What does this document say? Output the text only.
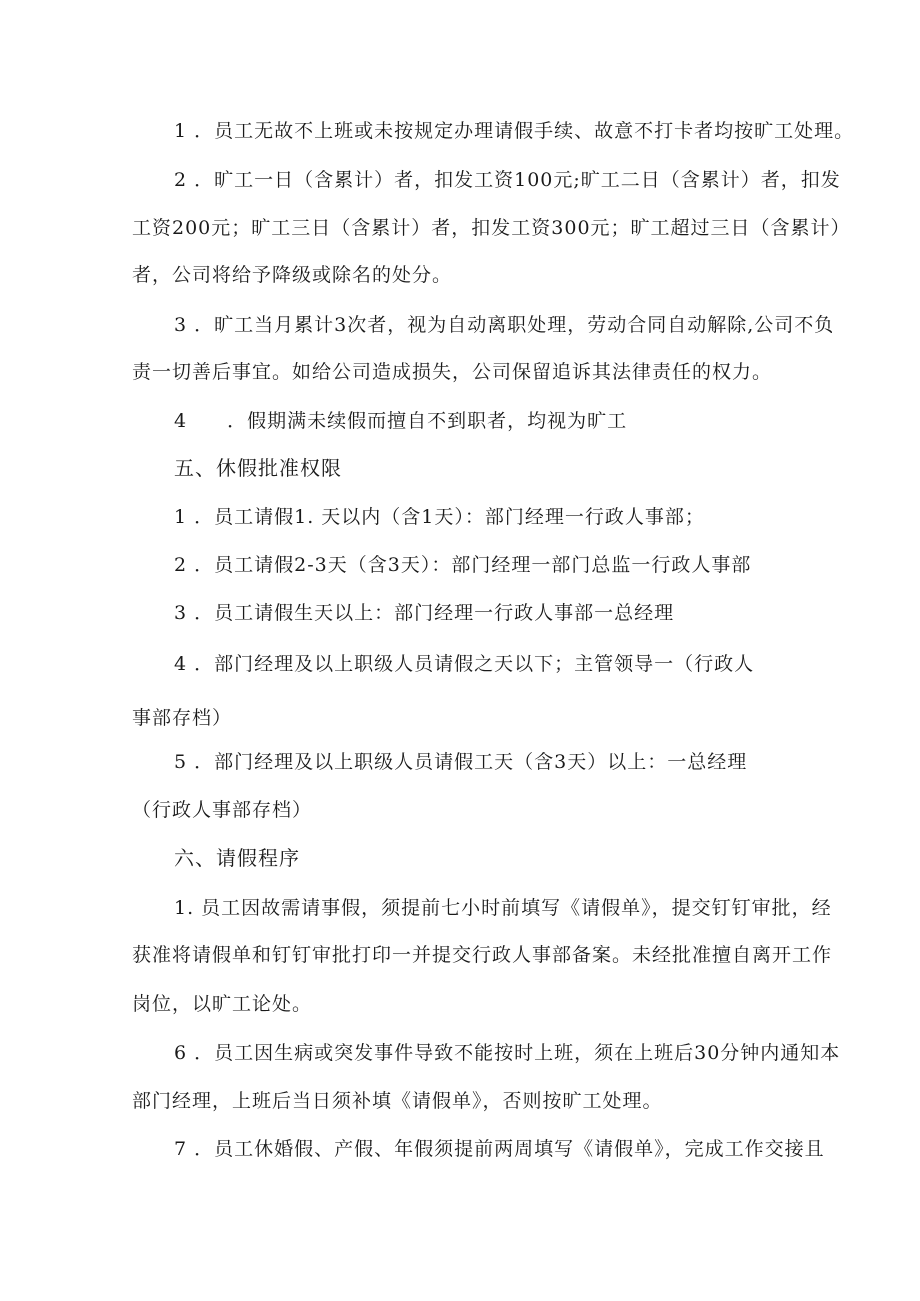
1 ．员工无故不上班或未按规定办理请假手续、故意不打卡者均按旷工处理。
2 ．旷工一日（含累计）者，扣发工资100元;旷工二日（含累计）者，扣发
工资200元；旷工三日（含累计）者，扣发工资300元；旷工超过三日（含累计）
者，公司将给予降级或除名的处分。
3 ．旷工当月累计3次者，视为自动离职处理，劳动合同自动解除,公司不负
责一切善后事宜。如给公司造成损失，公司保留追诉其法律责任的权力。
4　　．假期满未续假而擅自不到职者，均视为旷工
五、休假批准权限
1 ．员工请假1. 天以内（含1天）：部门经理一行政人事部；
2 ．员工请假2-3天（含3天）：部门经理一部门总监一行政人事部
3 ．员工请假生天以上：部门经理一行政人事部一总经理
4 ．部门经理及以上职级人员请假之天以下；主管领导一（行政人
事部存档）
5 ．部门经理及以上职级人员请假工天（含3天）以上：一总经理
（行政人事部存档）
六、请假程序
1. 员工因故需请事假，须提前七小时前填写《请假单》，提交钉钉审批，经
获准将请假单和钉钉审批打印一并提交行政人事部备案。未经批准擅自离开工作
岗位，以旷工论处。
6 ．员工因生病或突发事件导致不能按时上班，须在上班后30分钟内通知本
部门经理，上班后当日须补填《请假单》，否则按旷工处理。
7 ．员工休婚假、产假、年假须提前两周填写《请假单》，完成工作交接且
